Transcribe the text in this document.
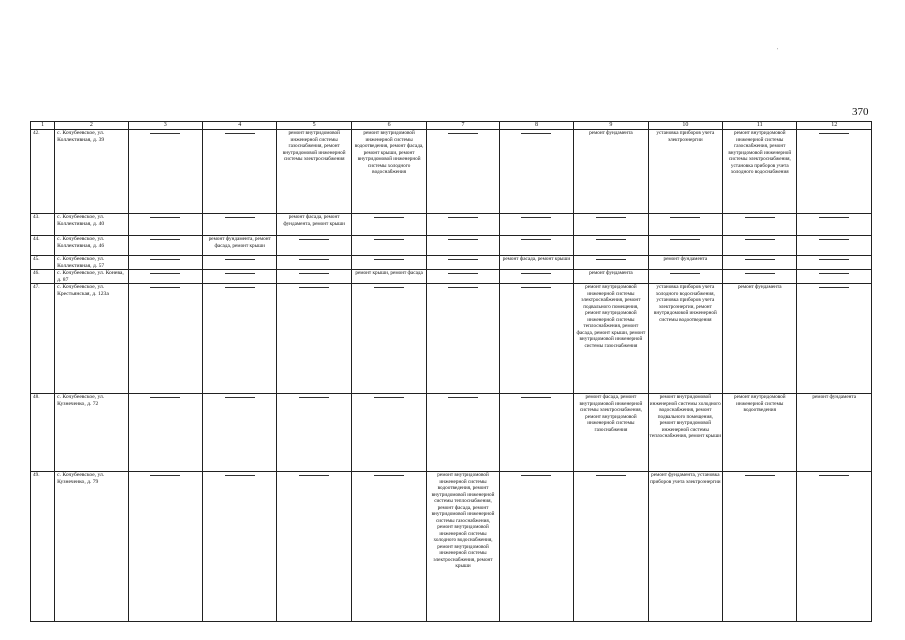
'
370
1	2	3	4	5	6	7	8	9	10	11	12
42.	с. Кочубеевское, ул. Коллективная, д. 39			ремонт внутридомовой инженерной системы газоснабжения, ремонт внутридомовой инженерной системы электроснабжения	ремонт внутридомовой инженерной системы водоотведения, ремонт фасада, ремонт крыши, ремонт внутридомовой инженерной системы холодного водоснабжения			ремонт фундамента	установка приборов учета электроэнергии	ремонт внутридомовой инженерной системы газоснабжения, ремонт внутридомовой инженерной системы электроснабжения, установка приборов учета холодного водоснабжения	

43.	с. Кочубеевское, ул. Коллективная, д. 40			ремонт фасада, ремонт фундамента, ремонт крыши	

44.	с. Кочубеевское, ул. Коллективная, д. 46		ремонт фундамента, ремонт фасада, ремонт крыши	

45.	с. Кочубеевское, ул. Коллективная, д. 57						ремонт фасада, ремонт крыши		ремонт фундамента	

46.	с. Кочубеевское, ул. Конева, д. 87				ремонт крыши, ремонт фасада			ремонт фундамента	

47.	с. Кочубеевское, ул. Крестьянская, д. 123а							ремонт внутридомовой инженерной системы электроснабжения, ремонт подвального помещения, ремонт внутридомовой инженерной системы теплоснабжения, ремонт фасада, ремонт крыши, ремонт внутридомовой инженерной системы газоснабжения	установка приборов учета холодного водоснабжения, установка приборов учета электроэнергии, ремонт внутридомовой инженерной системы водоотведения	ремонт фундамента	

48.	с. Кочубеевское, ул. Кузнеченко, д. 72							ремонт фасада, ремонт внутридомовой инженерной системы электроснабжения, ремонт внутридомовой инженерной системы газоснабжения	ремонт внутридомовой инженерной системы холодного водоснабжения, ремонт подвального помещения, ремонт внутридомовой инженерной системы теплоснабжения, ремонт крыши	ремонт внутридомовой инженерной системы водоотведения	ремонт фундамента
49.	с. Кочубеевское, ул. Кузнеченко, д. 79					ремонт внутридомовой инженерной системы водоотведения, ремонт внутридомовой инженерной системы теплоснабжения, ремонт фасада, ремонт внутридомовой инженерной системы газоснабжения, ремонт внутридомовой инженерной системы холодного водоснабжения, ремонт внутридомовой инженерной системы электроснабжения, ремонт крыши			ремонт фундамента, установка приборов учета электроэнергии	
